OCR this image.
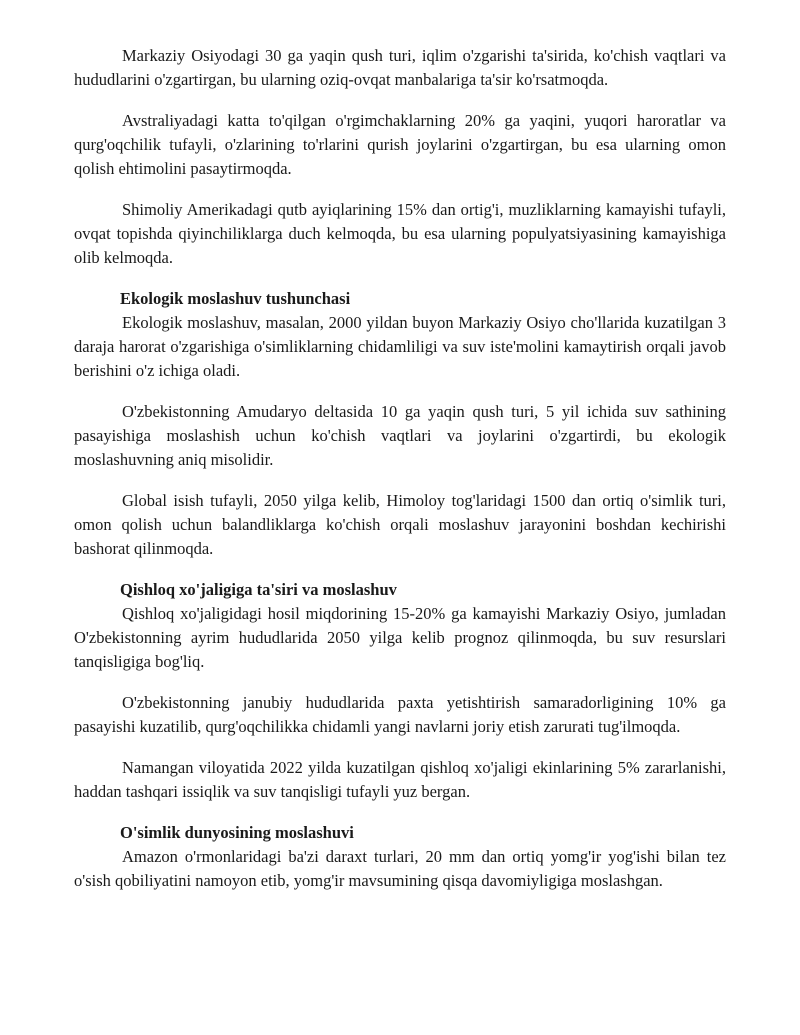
Markaziy Osiyodagi 30 ga yaqin qush turi, iqlim o'zgarishi ta'sirida, ko'chish vaqtlari va hududlarini o'zgartirgan, bu ularning oziq-ovqat manbalariga ta'sir ko'rsatmoqda.

Avstraliyadagi katta to'qilgan o'rgimchaklarning 20% ga yaqini, yuqori haroratlar va qurg'oqchilik tufayli, o'zlarining to'rlarini qurish joylarini o'zgartirgan, bu esa ularning omon qolish ehtimolini pasaytirmoqda.

Shimoliy Amerikadagi qutb ayiqlarining 15% dan ortig'i, muzliklarning kamayishi tufayli, ovqat topishda qiyinchiliklarga duch kelmoqda, bu esa ularning populyatsiyasining kamayishiga olib kelmoqda.

Ekologik moslashuv tushunchasi

Ekologik moslashuv, masalan, 2000 yildan buyon Markaziy Osiyo cho'llarida kuzatilgan 3 daraja harorat o'zgarishiga o'simliklarning chidamliligi va suv iste'molini kamaytirish orqali javob berishini o'z ichiga oladi.

O'zbekistonning Amudaryo deltasida 10 ga yaqin qush turi, 5 yil ichida suv sathining pasayishiga moslashish uchun ko'chish vaqtlari va joylarini o'zgartirdi, bu ekologik moslashuvning aniq misolidir.

Global isish tufayli, 2050 yilga kelib, Himoloy tog'laridagi 1500 dan ortiq o'simlik turi, omon qolish uchun balandliklarga ko'chish orqali moslashuv jarayonini boshdan kechirishi bashorat qilinmoqda.

Qishloq xo'jaligiga ta'siri va moslashuv

Qishloq xo'jaligidagi hosil miqdorining 15-20% ga kamayishi Markaziy Osiyo, jumladan O'zbekistonning ayrim hududlarida 2050 yilga kelib prognoz qilinmoqda, bu suv resurslari tanqisligiga bog'liq.

O'zbekistonning janubiy hududlarida paxta yetishtirish samaradorligining 10% ga pasayishi kuzatilib, qurg'oqchilikka chidamli yangi navlarni joriy etish zarurati tug'ilmoqda.

Namangan viloyatida 2022 yilda kuzatilgan qishloq xo'jaligi ekinlarining 5% zararlanishi, haddan tashqari issiqlik va suv tanqisligi tufayli yuz bergan.

O'simlik dunyosining moslashuvi

Amazon o'rmonlaridagi ba'zi daraxt turlari, 20 mm dan ortiq yomg'ir yog'ishi bilan tez o'sish qobiliyatini namoyon etib, yomg'ir mavsumining qisqa davomiyligiga moslashgan.
